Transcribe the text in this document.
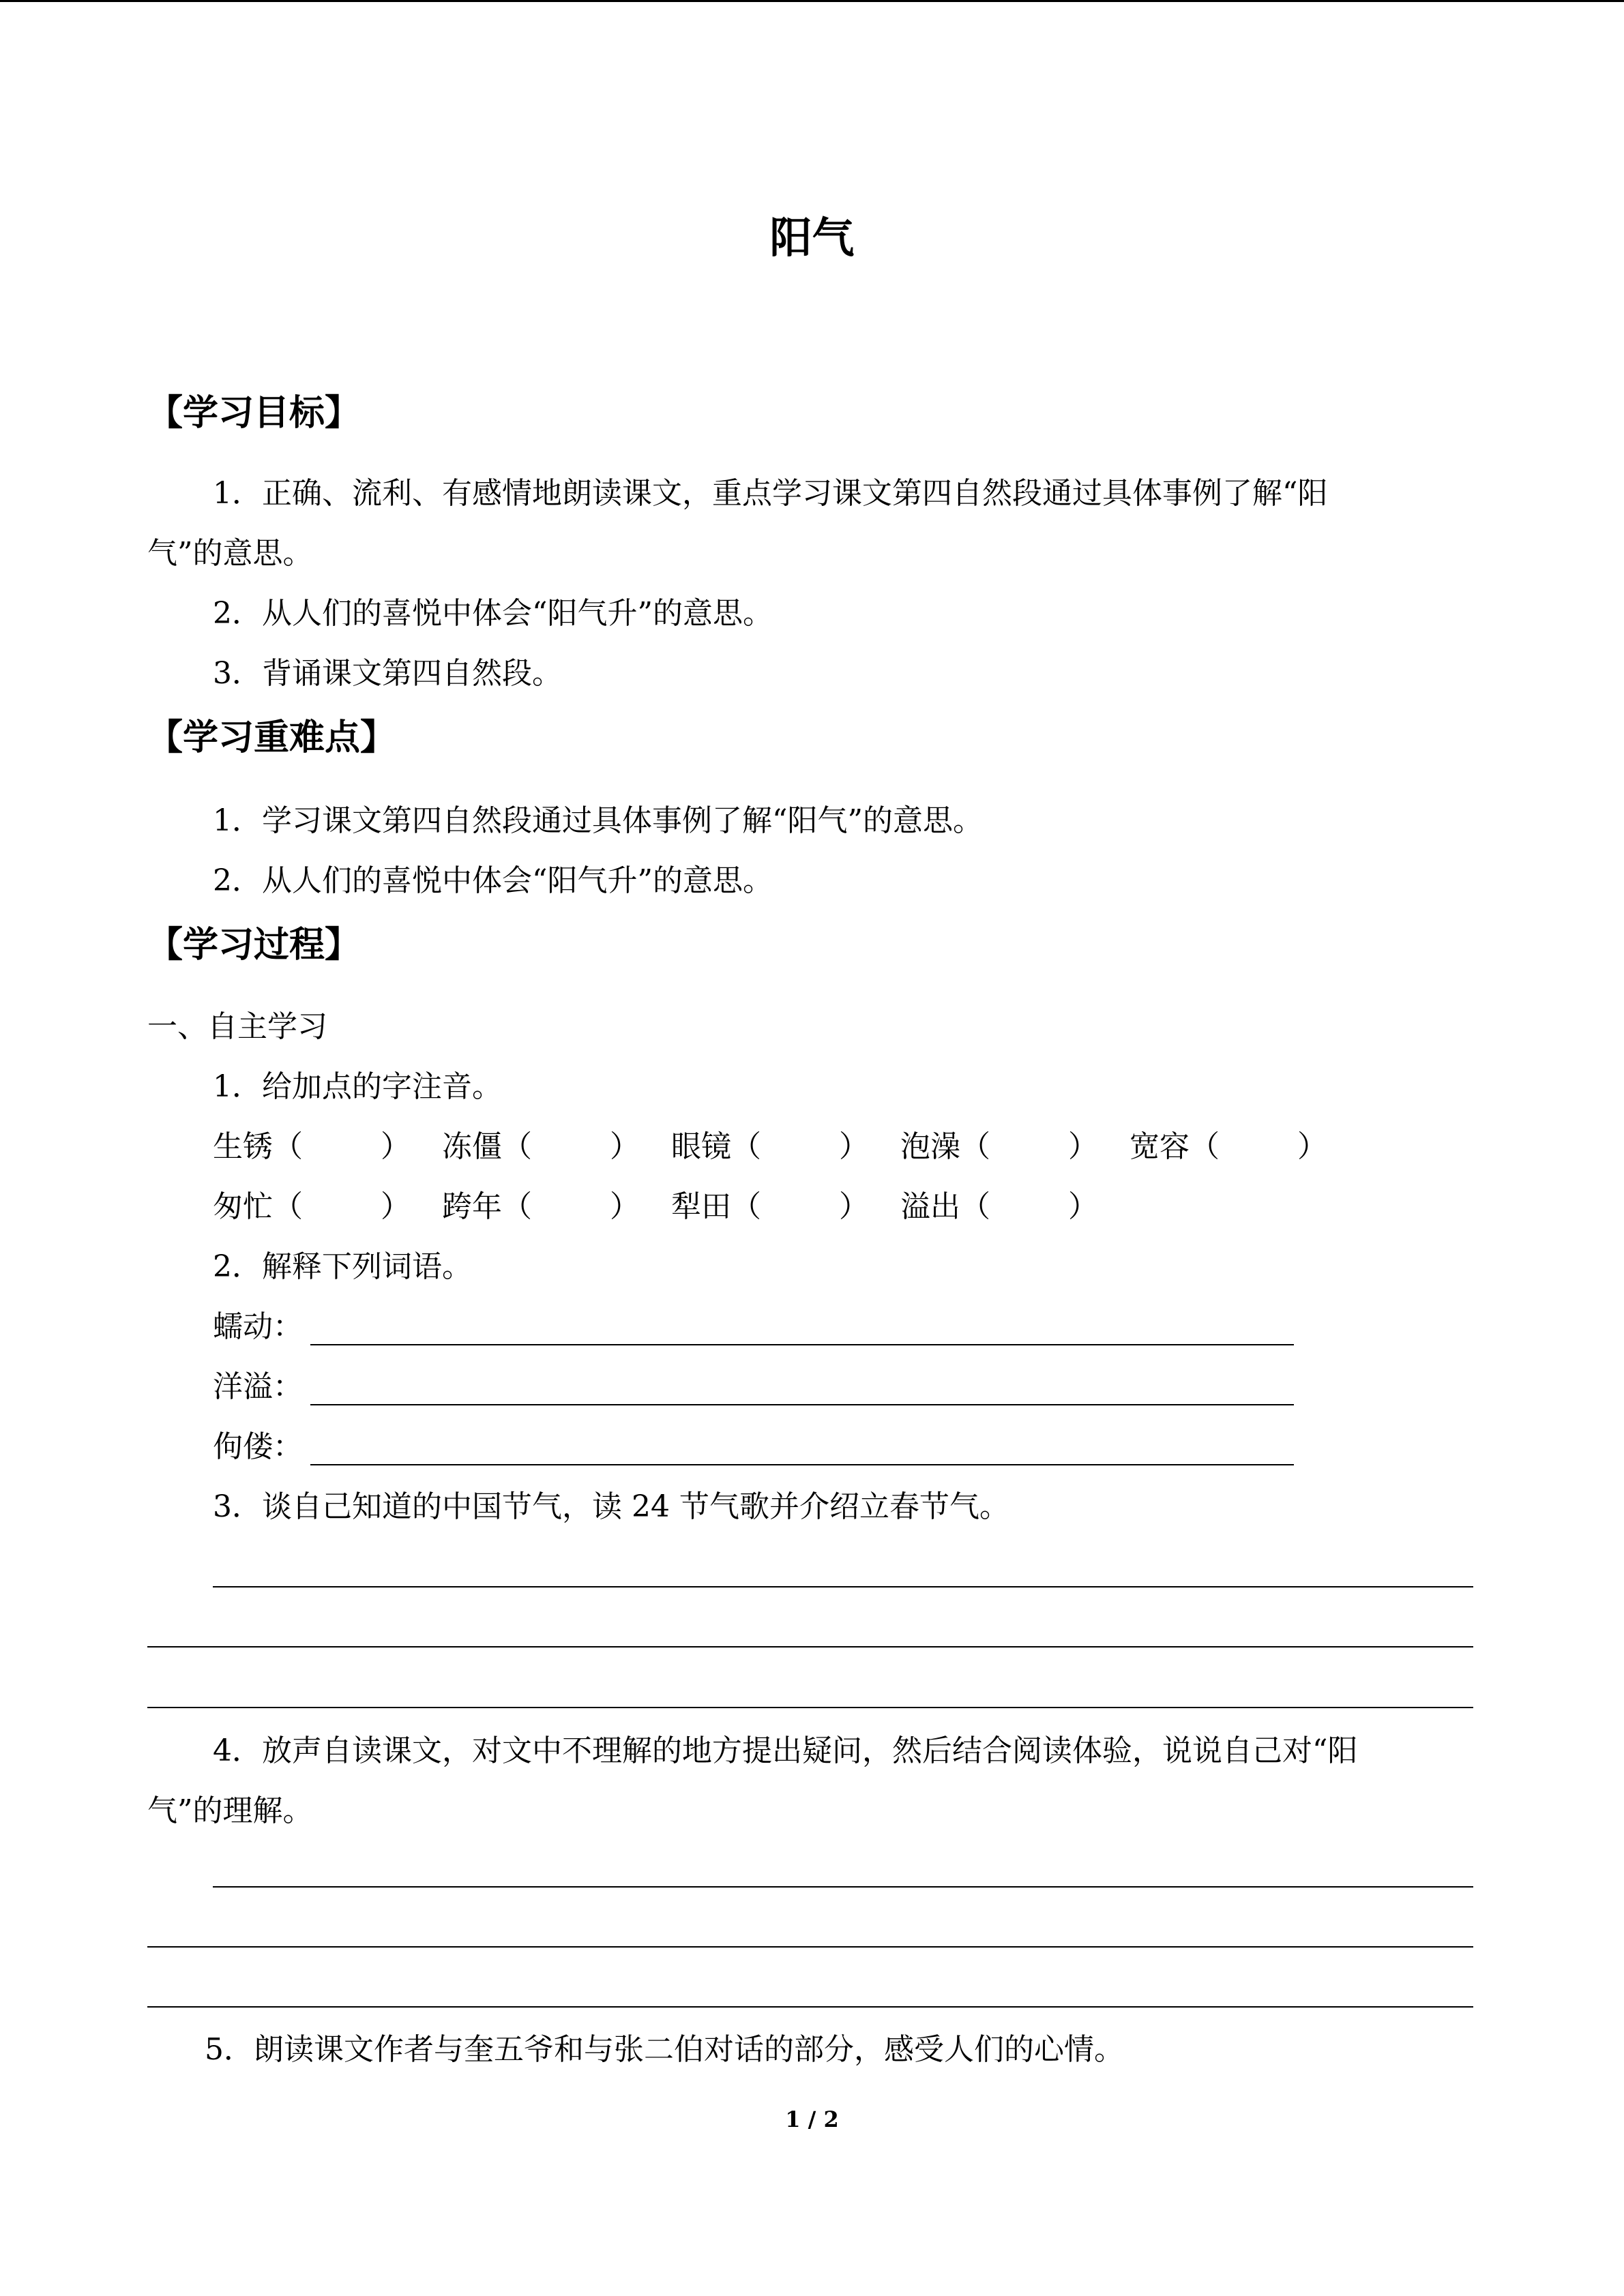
阳气
【学习目标】
1．正确、流利、有感情地朗读课文，重点学习课文第四自然段通过具体事例了解“阳
气”的意思。
2．从人们的喜悦中体会“阳气升”的意思。
3．背诵课文第四自然段。
【学习重难点】
1．学习课文第四自然段通过具体事例了解“阳气”的意思。
2．从人们的喜悦中体会“阳气升”的意思。
【学习过程】
一、自主学习
1．给加点的字注音。
生锈（	） 冻僵（	） 眼镜（	） 泡澡（	） 宽容（	）
匆忙（	） 跨年（	） 犁田（	） 溢出（	）
2．解释下列词语。
蠕动：
洋溢：
佝偻：
3．谈自己知道的中国节气，读 24 节气歌并介绍立春节气。
4．放声自读课文，对文中不理解的地方提出疑问，然后结合阅读体验，说说自己对“阳
气”的理解。
5．朗读课文作者与奎五爷和与张二伯对话的部分，感受人们的心情。
1 / 2
